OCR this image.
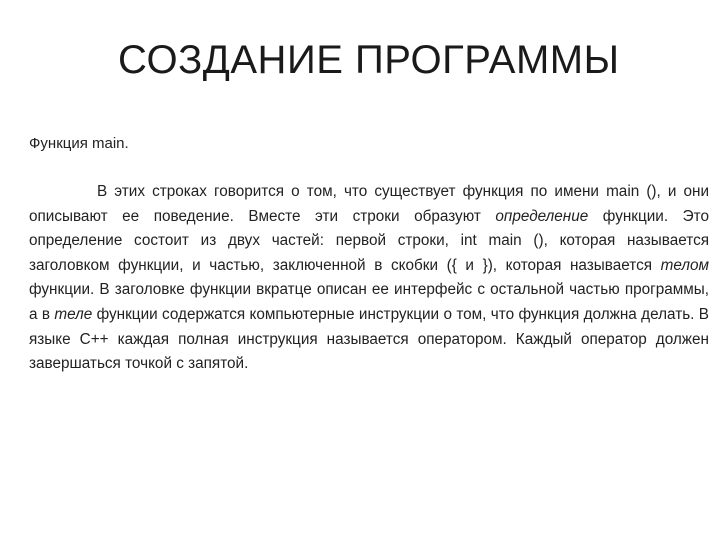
СОЗДАНИЕ ПРОГРАММЫ
Функция main.

В этих строках говорится о том, что существует функция по имени main (), и они описывают ее поведение. Вместе эти строки образуют определение функции. Это определение состоит из двух частей: первой строки, int main (), которая называется заголовком функции, и частью, заключенной в скобки ({ и }), которая называется телом функции. В заголовке функции вкратце описан ее интерфейс с остальной частью программы, а в теле функции содержатся компьютерные инструкции о том, что функция должна делать. В языке С++ каждая полная инструкция называется оператором. Каждый оператор должен завершаться точкой с запятой.
